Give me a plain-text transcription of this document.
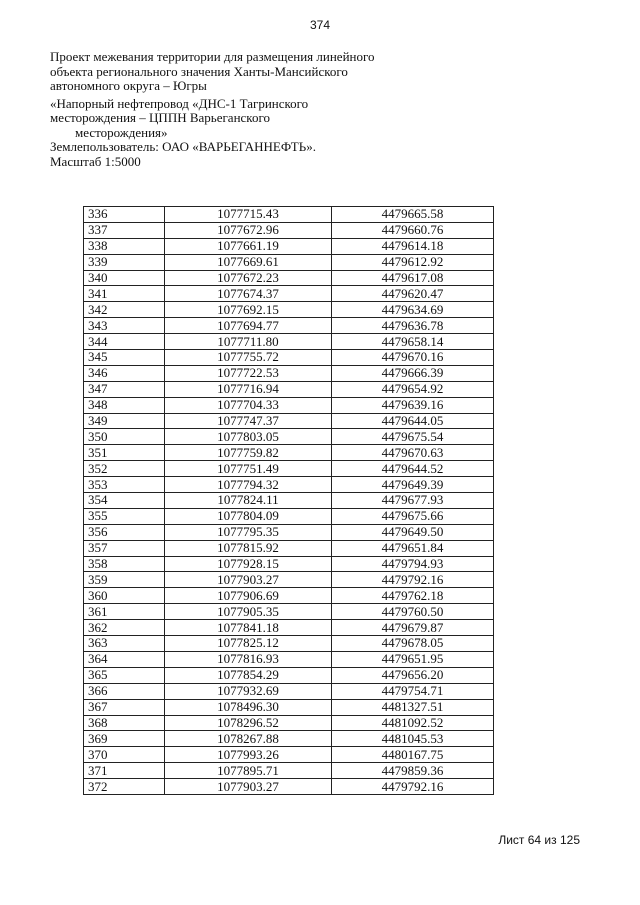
374
Проект межевания территории для размещения линейного
объекта регионального значения Ханты-Мансийского
автономного округа – Югры
«Напорный нефтепровод «ДНС-1 Тагринского
месторождения – ЦППН Варьеганского
месторождения»
Землепользователь: ОАО «ВАРЬЕГАННЕФТЬ».
Масштаб 1:5000
336	1077715.43	4479665.58
337	1077672.96	4479660.76
338	1077661.19	4479614.18
339	1077669.61	4479612.92
340	1077672.23	4479617.08
341	1077674.37	4479620.47
342	1077692.15	4479634.69
343	1077694.77	4479636.78
344	1077711.80	4479658.14
345	1077755.72	4479670.16
346	1077722.53	4479666.39
347	1077716.94	4479654.92
348	1077704.33	4479639.16
349	1077747.37	4479644.05
350	1077803.05	4479675.54
351	1077759.82	4479670.63
352	1077751.49	4479644.52
353	1077794.32	4479649.39
354	1077824.11	4479677.93
355	1077804.09	4479675.66
356	1077795.35	4479649.50
357	1077815.92	4479651.84
358	1077928.15	4479794.93
359	1077903.27	4479792.16
360	1077906.69	4479762.18
361	1077905.35	4479760.50
362	1077841.18	4479679.87
363	1077825.12	4479678.05
364	1077816.93	4479651.95
365	1077854.29	4479656.20
366	1077932.69	4479754.71
367	1078496.30	4481327.51
368	1078296.52	4481092.52
369	1078267.88	4481045.53
370	1077993.26	4480167.75
371	1077895.71	4479859.36
372	1077903.27	4479792.16
Лист 64 из 125
